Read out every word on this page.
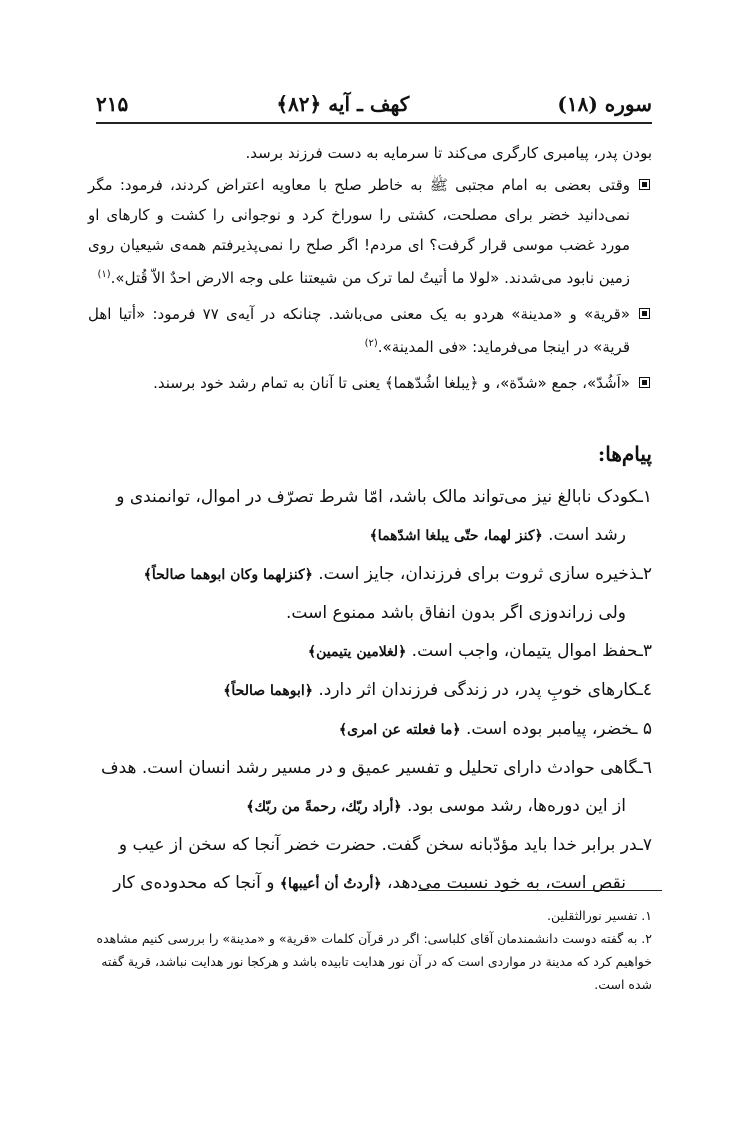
سوره (۱۸)
کهف ـ آیه ﴿۸۲﴾
۲۱۵

بودن پدر، پیامبری کارگری می‌کند تا سرمایه به دست فرزند برسد.

وقتی بعضی به امام مجتبی ﷺ به خاطر صلح با معاویه اعتراض کردند، فرمود: مگر نمی‌دانید خضر برای مصلحت، کشتی را سوراخ کرد و نوجوانی را کشت و کارهای او مورد غضب موسی قرار گرفت؟ ای مردم! اگر صلح را نمی‌پذیرفتم همه‌ی شیعیان روی زمین نابود می‌شدند. «لولا ما أتیتُ لما ترک من شیعتنا علی وجه الارض احدٌ الاّ قُتل».$^{(۱)}$
«قریة» و «مدینة» هردو به یک معنی می‌باشد. چنانکه در آیه‌ی ۷۷ فرمود: «أتیا اهل قریة» در اینجا می‌فرماید: «فی المدینة».$^{(۲)}$
«اَشُدّ»، جمع «شدّة»، و ﴿یبلغا اشُدّهما﴾ یعنی تا آنان به تمام رشد خود برسند.
پیام‌ها:

۱ـکودک نابالغ نیز می‌تواند مالک باشد، امّا شرط تصرّف در اموال، توانمندی و
رشد است. ﴿کنز لهما، حتّی یبلغا اشدّهما﴾

۲ـذخیره سازی ثروت برای فرزندان، جایز است. ﴿کنزلهما وکان ابوهما صالحاً﴾
ولی زراندوزی اگر بدون انفاق باشد ممنوع است.

۳ـحفظ اموال یتیمان، واجب است. ﴿لغلامین یتیمین﴾

٤ـکارهای خوبِ پدر، در زندگی فرزندان اثر دارد. ﴿ابوهما صالحاً﴾

۵ ـخضر، پیامبر بوده است. ﴿ما فعلته عن امری﴾

٦ـگاهی حوادث دارای تحلیل و تفسیر عمیق و در مسیر رشد انسان است. هدف
از این دوره‌ها، رشد موسی بود. ﴿أراد ربّك، رحمةً من ربّك﴾

۷ـدر برابر خدا باید مؤدّبانه سخن گفت. حضرت خضر آنجا که سخن از عیب و
نقص است، به خود نسبت می‌دهد، ﴿أردتُ أن أعیبها﴾ و آنجا که محدوده‌ی کار

۱. تفسیر نورالثقلین.

۲. به گفته دوست دانشمندمان آقای کلباسی: اگر در قرآن کلمات «قریة» و «مدینة» را بررسی کنیم مشاهده خواهیم کرد که مدینة در مواردی است که در آن نور هدایت تابیده باشد و هرکجا نور هدایت نباشد، قریة گفته شده است.
